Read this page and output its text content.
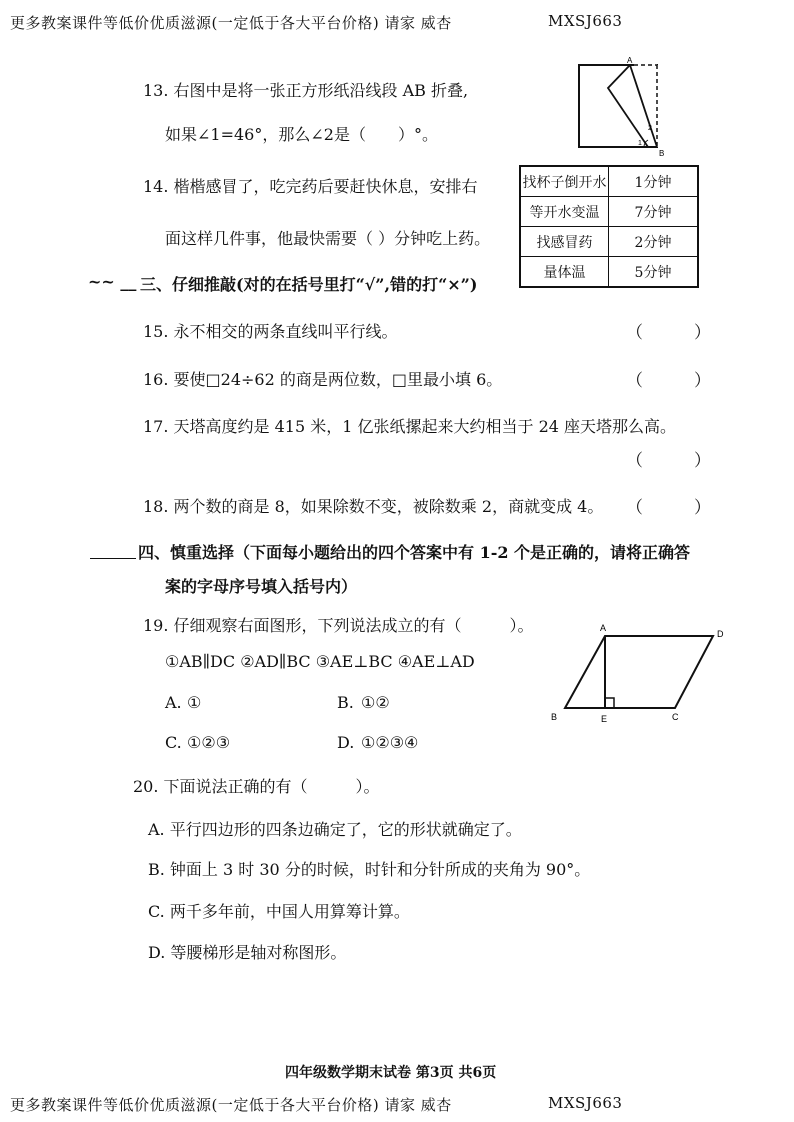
更多教案课件等低价优质滋源(一定低于各大平台价格) 请家 威杏	MXSJ663
13. 右图中是将一张正方形纸沿线段 AB 折叠,
如果∠1=46°，那么∠2是（　　）°。
A
B
1
2
14. 楷楷感冒了，吃完药后要赶快休息，安排右
面这样几件事，他最快需要（ ）分钟吃上药。
找杯子倒开水	1分钟
等开水变温	7分钟
找感冒药	2分钟
量体温	5分钟
~~ __ 三、仔细推敲(对的在括号里打“√”,错的打“×”)
15. 永不相交的两条直线叫平行线。	（　　　）
16. 要使□24÷62 的商是两位数，□里最小填 6。	（　　　）
17. 天塔高度约是 415 米，1 亿张纸摞起来大约相当于 24 座天塔那么高。
（　　　）
18. 两个数的商是 8，如果除数不变，被除数乘 2，商就变成 4。 （　　　）
四、慎重选择（下面每小题给出的四个答案中有 1-2 个是正确的，请将正确答
案的字母序号填入括号内）
19. 仔细观察右面图形，下列说法成立的有（　　　）。
①AB∥DC ②AD∥BC ③AE⊥BC ④AE⊥AD
A. ①	B. ①②
C. ①②③	D. ①②③④
A
D
B	E	C
20. 下面说法正确的有（　　　）。
A. 平行四边形的四条边确定了，它的形状就确定了。
B. 钟面上 3 时 30 分的时候，时针和分针所成的夹角为 90°。
C. 两千多年前，中国人用算筹计算。
D. 等腰梯形是轴对称图形。
四年级数学期末试卷 第3页 共6页
更多教案课件等低价优质滋源(一定低于各大平台价格) 请家 威杏	MXSJ663
